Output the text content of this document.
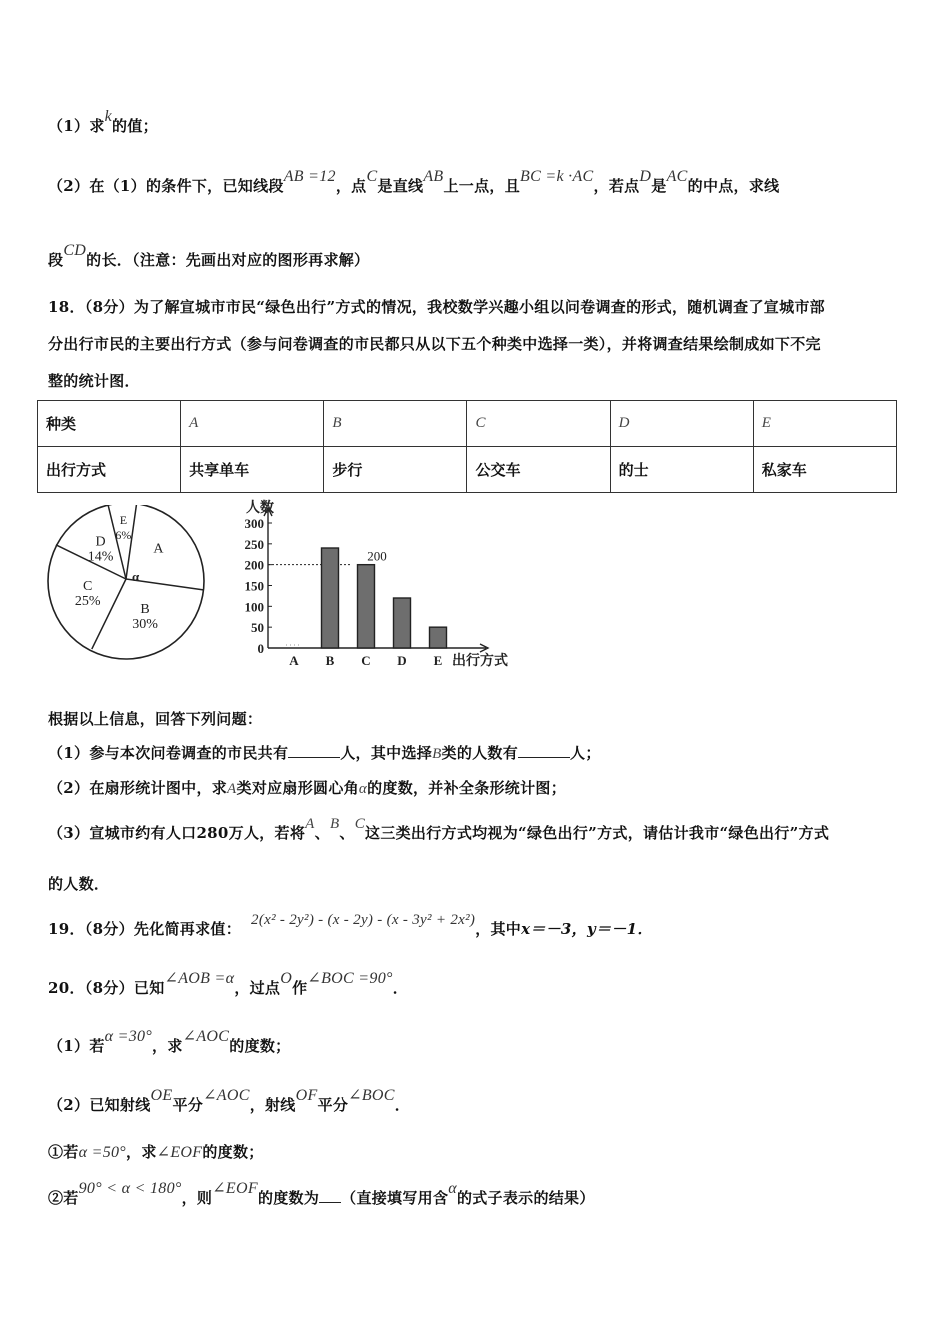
（1）求k的值；
（2）在（1）的条件下，已知线段AB =12，点C是直线AB上一点，且BC =k ·AC，若点D是AC的中点，求线
段CD的长．（注意：先画出对应的图形再求解）
18．（8分）为了解宣城市市民“绿色出行”方式的情况，我校数学兴趣小组以问卷调查的形式，随机调查了宣城市部
分出行市民的主要出行方式（参与问卷调查的市民都只从以下五个种类中选择一类），并将调查结果绘制成如下不完
整的统计图．
种类	A	B	C	D	E
出行方式	共享单车	步行	公交车	的士	私家车
E
6%
A
B
30%
C
25%
D
14%
α
人数
出行方式
0
50
100
150
200
250
300
A B C
200
D E
根据以上信息，回答下列问题：
（1）参与本次问卷调查的市民共有	人，其中选择B类的人数有	人；
（2）在扇形统计图中，求A类对应扇形圆心角α的度数，并补全条形统计图；
（3）宣城市约有人口280万人，若将A、B、C这三类出行方式均视为“绿色出行”方式，请估计我市“绿色出行”方式
的人数．
19．（8分）先化简再求值： 2(x² - 2y²) - (x - 2y) - (x - 3y² + 2x²)，其中x＝－3，y＝－1．
20．（8分）已知∠AOB =α，过点O作∠BOC =90°．
（1）若α =30°，求∠AOC的度数；
（2）已知射线OE平分∠AOC，射线OF平分∠BOC．
①若α =50°，求∠EOF的度数；
②若90° < α < 180°，则∠EOF的度数为 （直接填写用含α的式子表示的结果）
